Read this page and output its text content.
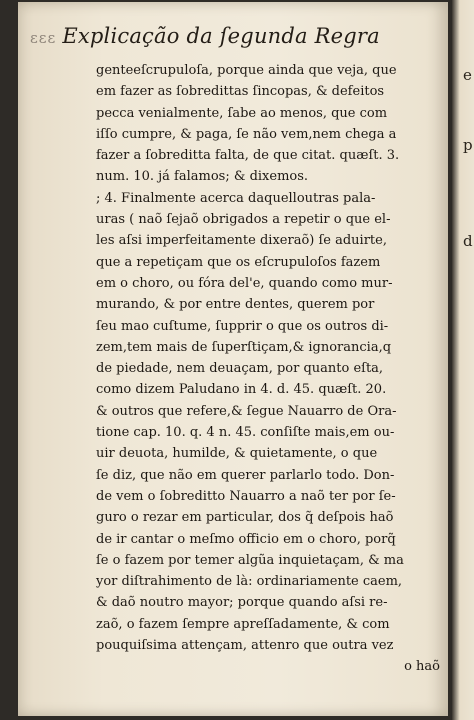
e
p
d
ɛɛɛ Explicação da ſegunda Regra
genteeſcrupuloſa, porque ainda que veja, que
em fazer as ſobredittas ſincopas, & defeitos
pecca venialmente, ſabe ao menos, que com
iſſo cumpre, & paga, ſe não vem,nem chega a
fazer a ſobreditta falta, de que citat. quæſt. 3.
num. 10. já falamos; & dixemos.
; 4. Finalmente acerca daquelloutras pala-
uras ( naõ ſejaõ obrigados a repetir o que el-
les aſsi imperfeitamente dixeraõ) ſe aduirte,
que a repetiçam que os eſcrupuloſos fazem
em o choro, ou fóra del'e, quando como mur-
murando, & por entre dentes, querem por
ſeu mao cuſtume, ſupprir o que os outros di-
zem,tem mais de ſuperſtiçam,& ignorancia,q
de piedade, nem deuaçam, por quanto eſta,
como dizem Paludano in 4. d. 45. quæſt. 20.
& outros que refere,& ſegue Nauarro de Ora-
tione cap. 10. q. 4 n. 45. conſiſte mais,em ou-
uir deuota, humilde, & quietamente, o que
ſe diz, que não em querer parlarlo todo. Don-
de vem o ſobreditto Nauarro a naõ ter por ſe-
guro o rezar em particular, dos q̃ deſpois haõ
de ir cantar o meſmo officio em o choro, porq̃
ſe o fazem por temer algũa inquietaçam, & ma
yor diſtrahimento de là: ordinariamente caem,
& daõ noutro mayor; porque quando aſsi re-
zaõ, o fazem ſempre apreſſadamente, & com
pouquiſsima attençam, attenro que outra vez
o haõ
